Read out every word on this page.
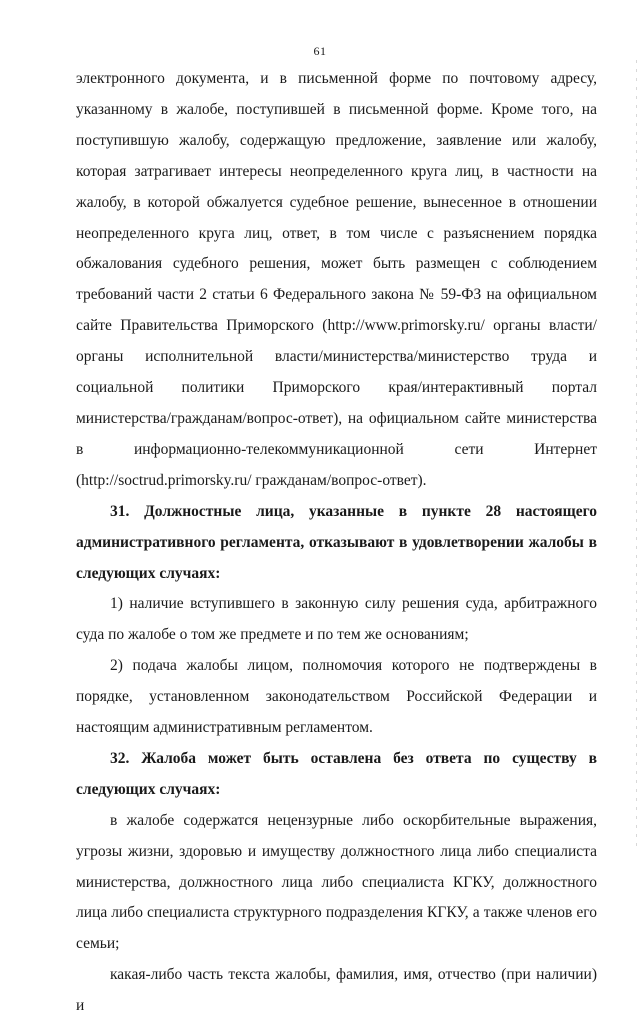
61

электронного документа, и в письменной форме по почтовому адресу, указанному в жалобе, поступившей в письменной форме. Кроме того, на поступившую жалобу, содержащую предложение, заявление или жалобу, которая затрагивает интересы неопределенного круга лиц, в частности на жалобу, в которой обжалуется судебное решение, вынесенное в отношении неопределенного круга лиц, ответ, в том числе с разъяснением порядка обжалования судебного решения, может быть размещен с соблюдением требований части 2 статьи 6 Федерального закона № 59-ФЗ на официальном сайте Правительства Приморского (http://www.primorsky.ru/ органы власти/органы исполнительной власти/министерства/министерство труда и социальной политики Приморского края/интерактивный портал министерства/гражданам/вопрос-ответ), на официальном сайте министерства в информационно-телекоммуникационной сети Интернет (http://soctrud.primorsky.ru/ гражданам/вопрос-ответ).

31. Должностные лица, указанные в пункте 28 настоящего административного регламента, отказывают в удовлетворении жалобы в следующих случаях:

1) наличие вступившего в законную силу решения суда, арбитражного суда по жалобе о том же предмете и по тем же основаниям;

2) подача жалобы лицом, полномочия которого не подтверждены в порядке, установленном законодательством Российской Федерации и настоящим административным регламентом.

32. Жалоба может быть оставлена без ответа по существу в следующих случаях:

в жалобе содержатся нецензурные либо оскорбительные выражения, угрозы жизни, здоровью и имуществу должностного лица либо специалиста министерства, должностного лица либо специалиста КГКУ, должностного лица либо специалиста структурного подразделения КГКУ, а также членов его семьи;

какая-либо часть текста жалобы, фамилия, имя, отчество (при наличии) и
